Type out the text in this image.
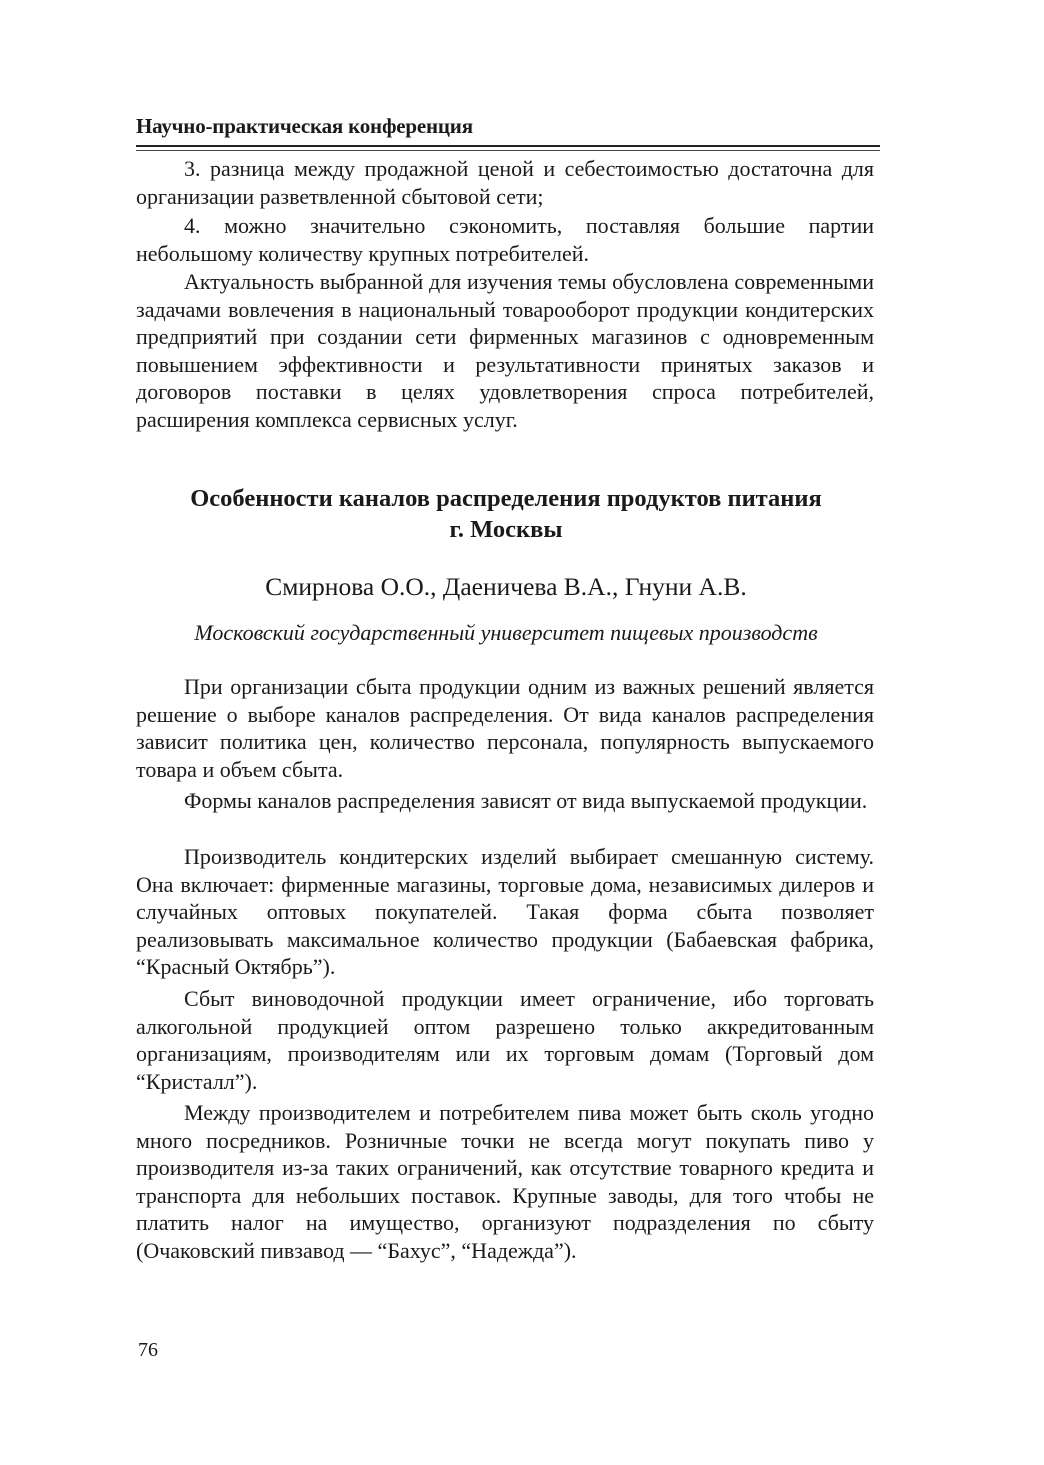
Научно-практическая конференция

3. разница между продажной ценой и себестоимостью достаточна для организации разветвленной сбытовой сети;

4. можно значительно сэкономить, поставляя большие партии небольшому количеству крупных потребителей.

Актуальность выбранной для изучения темы обусловлена современными задачами вовлечения в национальный товарооборот продукции кондитерских предприятий при создании сети фирменных магазинов с одновременным повышением эффективности и результативности принятых заказов и договоров поставки в целях удовлетворения спроса потребителей, расширения комплекса сервисных услуг.

Особенности каналов распределения продуктов питания
г. Москвы
Смирнова О.О., Даеничева В.А., Гнуни А.В.
Московский государственный университет пищевых производств

При организации сбыта продукции одним из важных решений является решение о выборе каналов распределения. От вида каналов распределения зависит политика цен, количество персонала, популярность выпускаемого товара и объем сбыта.

Формы каналов распределения зависят от вида выпускаемой продукции.

Производитель кондитерских изделий выбирает смешанную систему. Она включает: фирменные магазины, торговые дома, независимых дилеров и случайных оптовых покупателей. Такая форма сбыта позволяет реализовывать максимальное количество продукции (Бабаевская фабрика, “Красный Октябрь”).

Сбыт виноводочной продукции имеет ограничение, ибо торговать алкогольной продукцией оптом разрешено только аккредитованным организациям, производителям или их торговым домам (Торговый дом “Кристалл”).

Между производителем и потребителем пива может быть сколь угодно много посредников. Розничные точки не всегда могут покупать пиво у производителя из-за таких ограничений, как отсутствие товарного кредита и транспорта для небольших поставок. Крупные заводы, для того чтобы не платить налог на имущество, организуют подразделения по сбыту (Очаковский пивзавод — “Бахус”, “Надежда”).

76
